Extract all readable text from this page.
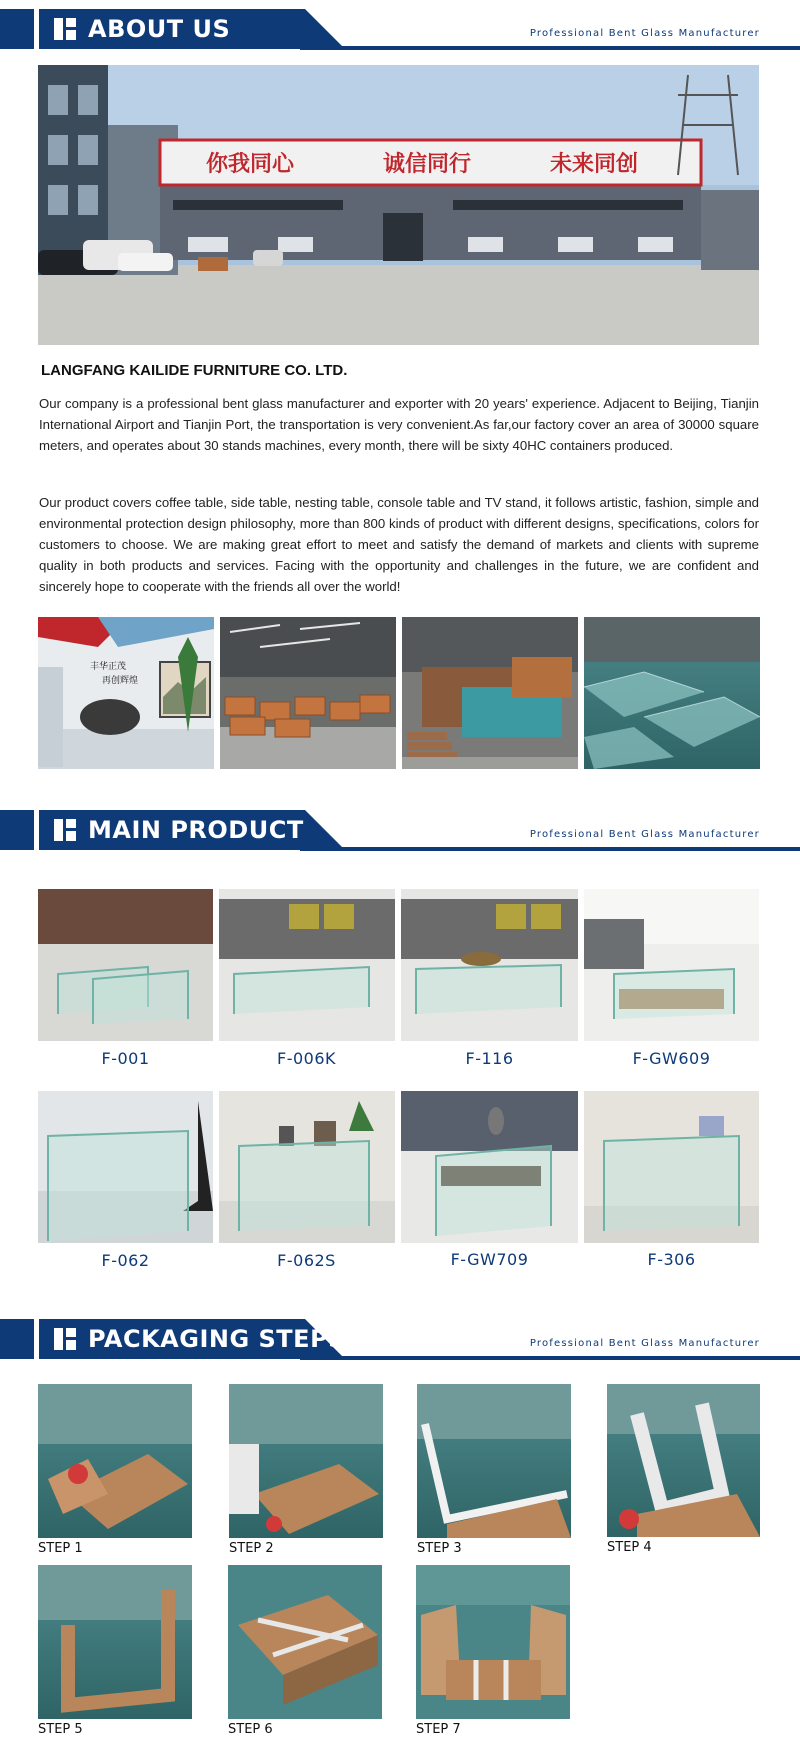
ABOUT US	Professional Bent Glass Manufacturer
你我同心	诚信同行	未来同创
LANGFANG KAILIDE FURNITURE CO. LTD.
Our company is a professional bent glass manufacturer and exporter with 20 years' experience. Adjacent to Beijing, Tianjin International Airport and Tianjin Port, the transportation is very convenient.As far,our factory cover an area of 30000 square meters, and operates about 30 stands machines, every month, there will be sixty 40HC containers produced.
Our product covers coffee table, side table, nesting table, console table and TV stand, it follows artistic, fashion, simple and environmental protection design philosophy, more than 800 kinds of product with different designs, specifications, colors for customers to choose. We are making great effort to meet and satisfy the demand of markets and clients with supreme quality in both products and services. Facing with the opportunity and challenges in the future, we are confident and sincerely hope to cooperate with the friends all over the world!
丰华正茂
再创辉煌
MAIN PRODUCT	Professional Bent Glass Manufacturer
F-001	F-006K	F-116	F-GW609
F-062	F-062S	F-GW709	F-306
PACKAGING STEPS	Professional Bent Glass Manufacturer
STEP 1	STEP 2	STEP 3	STEP 4
STEP 5	STEP 6	STEP 7
